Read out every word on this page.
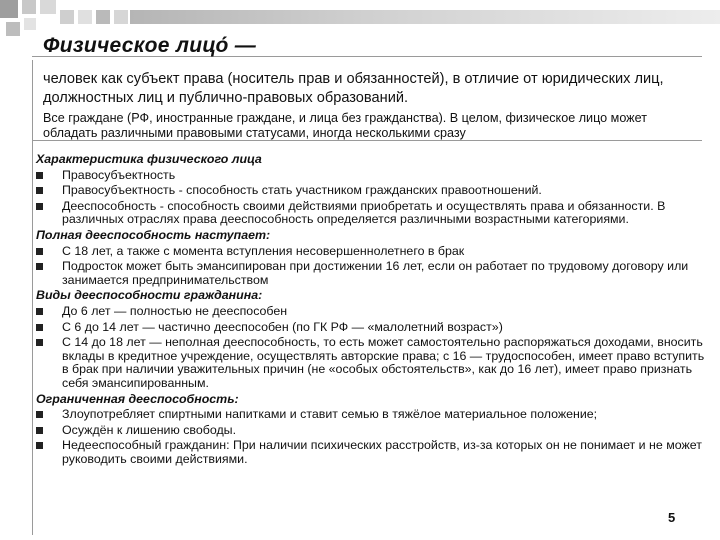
Физическое лицо́ —

человек как субъект права (носитель прав и обязанностей), в отличие от юридических лиц, должностных лиц и публично-правовых образований.

Все граждане (РФ, иностранные граждане, и лица без гражданства). В целом, физическое лицо может обладать различными правовыми статусами, иногда несколькими сразу

Характеристика физического лица

Правосубъектность
Правосубъектность - способность стать участником гражданских правоотношений.
Дееспособность - способность своими действиями приобретать и осуществлять права и обязанности. В различных отраслях права дееспособность определяется различными возрастными категориями.

Полная дееспособность наступает:

С 18 лет, а также с момента вступления несовершеннолетнего в брак
Подросток может быть эмансипирован при достижении 16 лет, если он работает по трудовому договору или занимается предпринимательством

Виды дееспособности гражданина:

До 6 лет — полностью не дееспособен
С 6 до 14 лет — частично дееспособен (по ГК РФ — «малолетний возраст»)
С 14 до 18 лет — неполная дееспособность, то есть может самостоятельно распоряжаться доходами, вносить вклады в кредитное учреждение, осуществлять авторские права; с 16 — трудоспособен, имеет право вступить в брак при наличии уважительных причин (не «особых обстоятельств», как до 16 лет), имеет право признать себя эмансипированным.

Ограниченная дееспособность:

Злоупотребляет спиртными напитками и ставит семью в тяжёлое материальное положение;
Осуждён к лишению свободы.
Недееспособный гражданин: При наличии психических расстройств, из-за которых он не понимает и не может руководить своими действиями.
5
